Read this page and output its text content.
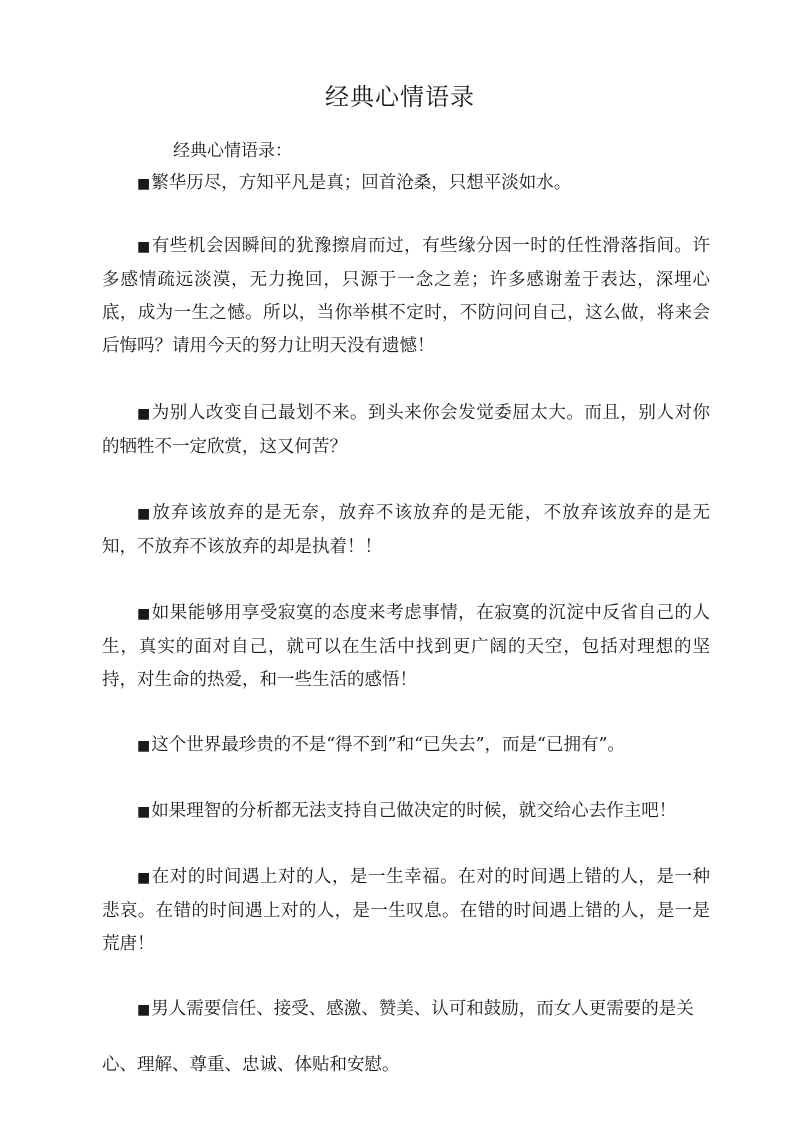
经典心情语录

经典心情语录：

■繁华历尽，方知平凡是真；回首沧桑，只想平淡如水。

■有些机会因瞬间的犹豫擦肩而过，有些缘分因一时的任性滑落指间。许多感情疏远淡漠，无力挽回，只源于一念之差；许多感谢羞于表达，深埋心底，成为一生之憾。所以，当你举棋不定时，不防问问自己，这么做，将来会后悔吗？请用今天的努力让明天没有遗憾！

■为别人改变自己最划不来。到头来你会发觉委屈太大。而且，别人对你的牺牲不一定欣赏，这又何苦？

■放弃该放弃的是无奈，放弃不该放弃的是无能，不放弃该放弃的是无知，不放弃不该放弃的却是执着！！

■如果能够用享受寂寞的态度来考虑事情，在寂寞的沉淀中反省自己的人生，真实的面对自己，就可以在生活中找到更广阔的天空，包括对理想的坚持，对生命的热爱，和一些生活的感悟！

■这个世界最珍贵的不是“得不到”和“已失去”，而是“已拥有”。

■如果理智的分析都无法支持自己做决定的时候，就交给心去作主吧！

■在对的时间遇上对的人，是一生幸福。在对的时间遇上错的人，是一种悲哀。在错的时间遇上对的人，是一生叹息。在错的时间遇上错的人，是一是荒唐！

■男人需要信任、接受、感激、赞美、认可和鼓励，而女人更需要的是关

心、理解、尊重、忠诚、体贴和安慰。
